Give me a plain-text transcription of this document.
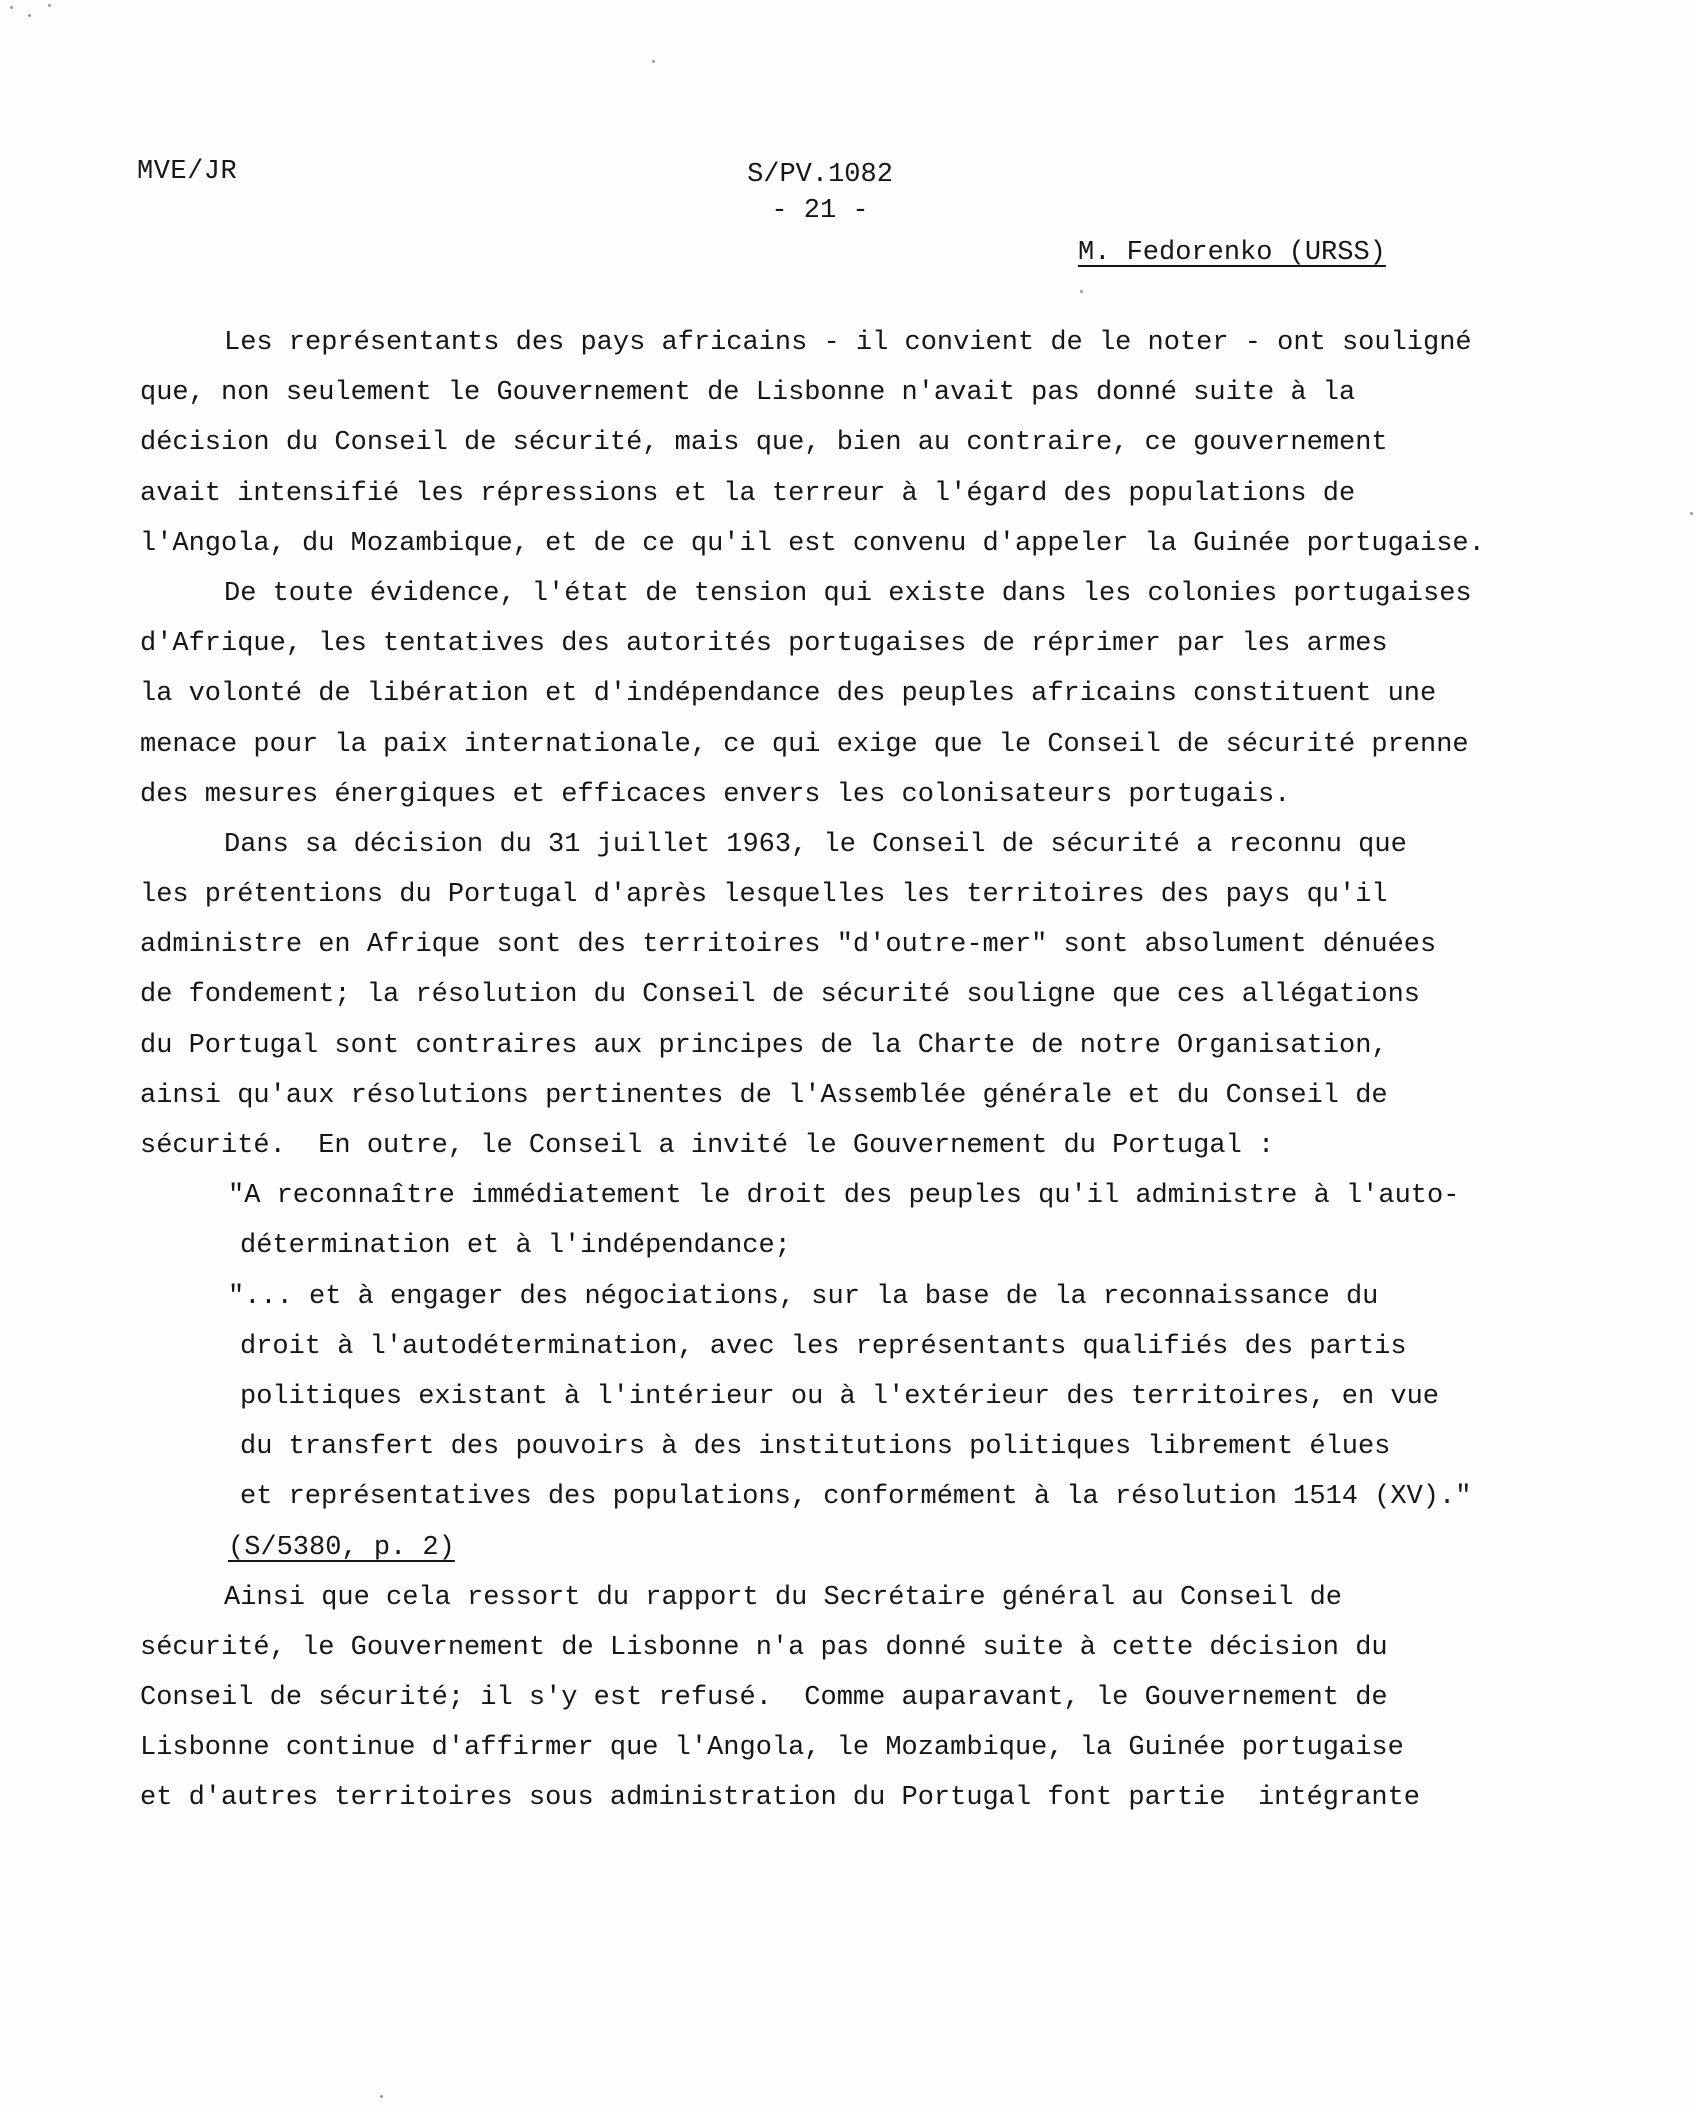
MVE/JR	S/PV.1082
- 21 -
M. Fedorenko (URSS)
Les représentants des pays africains - il convient de le noter - ont souligné
que, non seulement le Gouvernement de Lisbonne n'avait pas donné suite à la
décision du Conseil de sécurité, mais que, bien au contraire, ce gouvernement
avait intensifié les répressions et la terreur à l'égard des populations de
l'Angola, du Mozambique, et de ce qu'il est convenu d'appeler la Guinée portugaise.
De toute évidence, l'état de tension qui existe dans les colonies portugaises
d'Afrique, les tentatives des autorités portugaises de réprimer par les armes
la volonté de libération et d'indépendance des peuples africains constituent une
menace pour la paix internationale, ce qui exige que le Conseil de sécurité prenne
des mesures énergiques et efficaces envers les colonisateurs portugais.
Dans sa décision du 31 juillet 1963, le Conseil de sécurité a reconnu que
les prétentions du Portugal d'après lesquelles les territoires des pays qu'il
administre en Afrique sont des territoires "d'outre-mer" sont absolument dénuées
de fondement; la résolution du Conseil de sécurité souligne que ces allégations
du Portugal sont contraires aux principes de la Charte de notre Organisation,
ainsi qu'aux résolutions pertinentes de l'Assemblée générale et du Conseil de
sécurité.  En outre, le Conseil a invité le Gouvernement du Portugal :
"A reconnaître immédiatement le droit des peuples qu'il administre à l'auto-
détermination et à l'indépendance;
"... et à engager des négociations, sur la base de la reconnaissance du
droit à l'autodétermination, avec les représentants qualifiés des partis
politiques existant à l'intérieur ou à l'extérieur des territoires, en vue
du transfert des pouvoirs à des institutions politiques librement élues
et représentatives des populations, conformément à la résolution 1514 (XV)."
(S/5380, p. 2)
Ainsi que cela ressort du rapport du Secrétaire général au Conseil de
sécurité, le Gouvernement de Lisbonne n'a pas donné suite à cette décision du
Conseil de sécurité; il s'y est refusé.  Comme auparavant, le Gouvernement de
Lisbonne continue d'affirmer que l'Angola, le Mozambique, la Guinée portugaise
et d'autres territoires sous administration du Portugal font partie  intégrante
